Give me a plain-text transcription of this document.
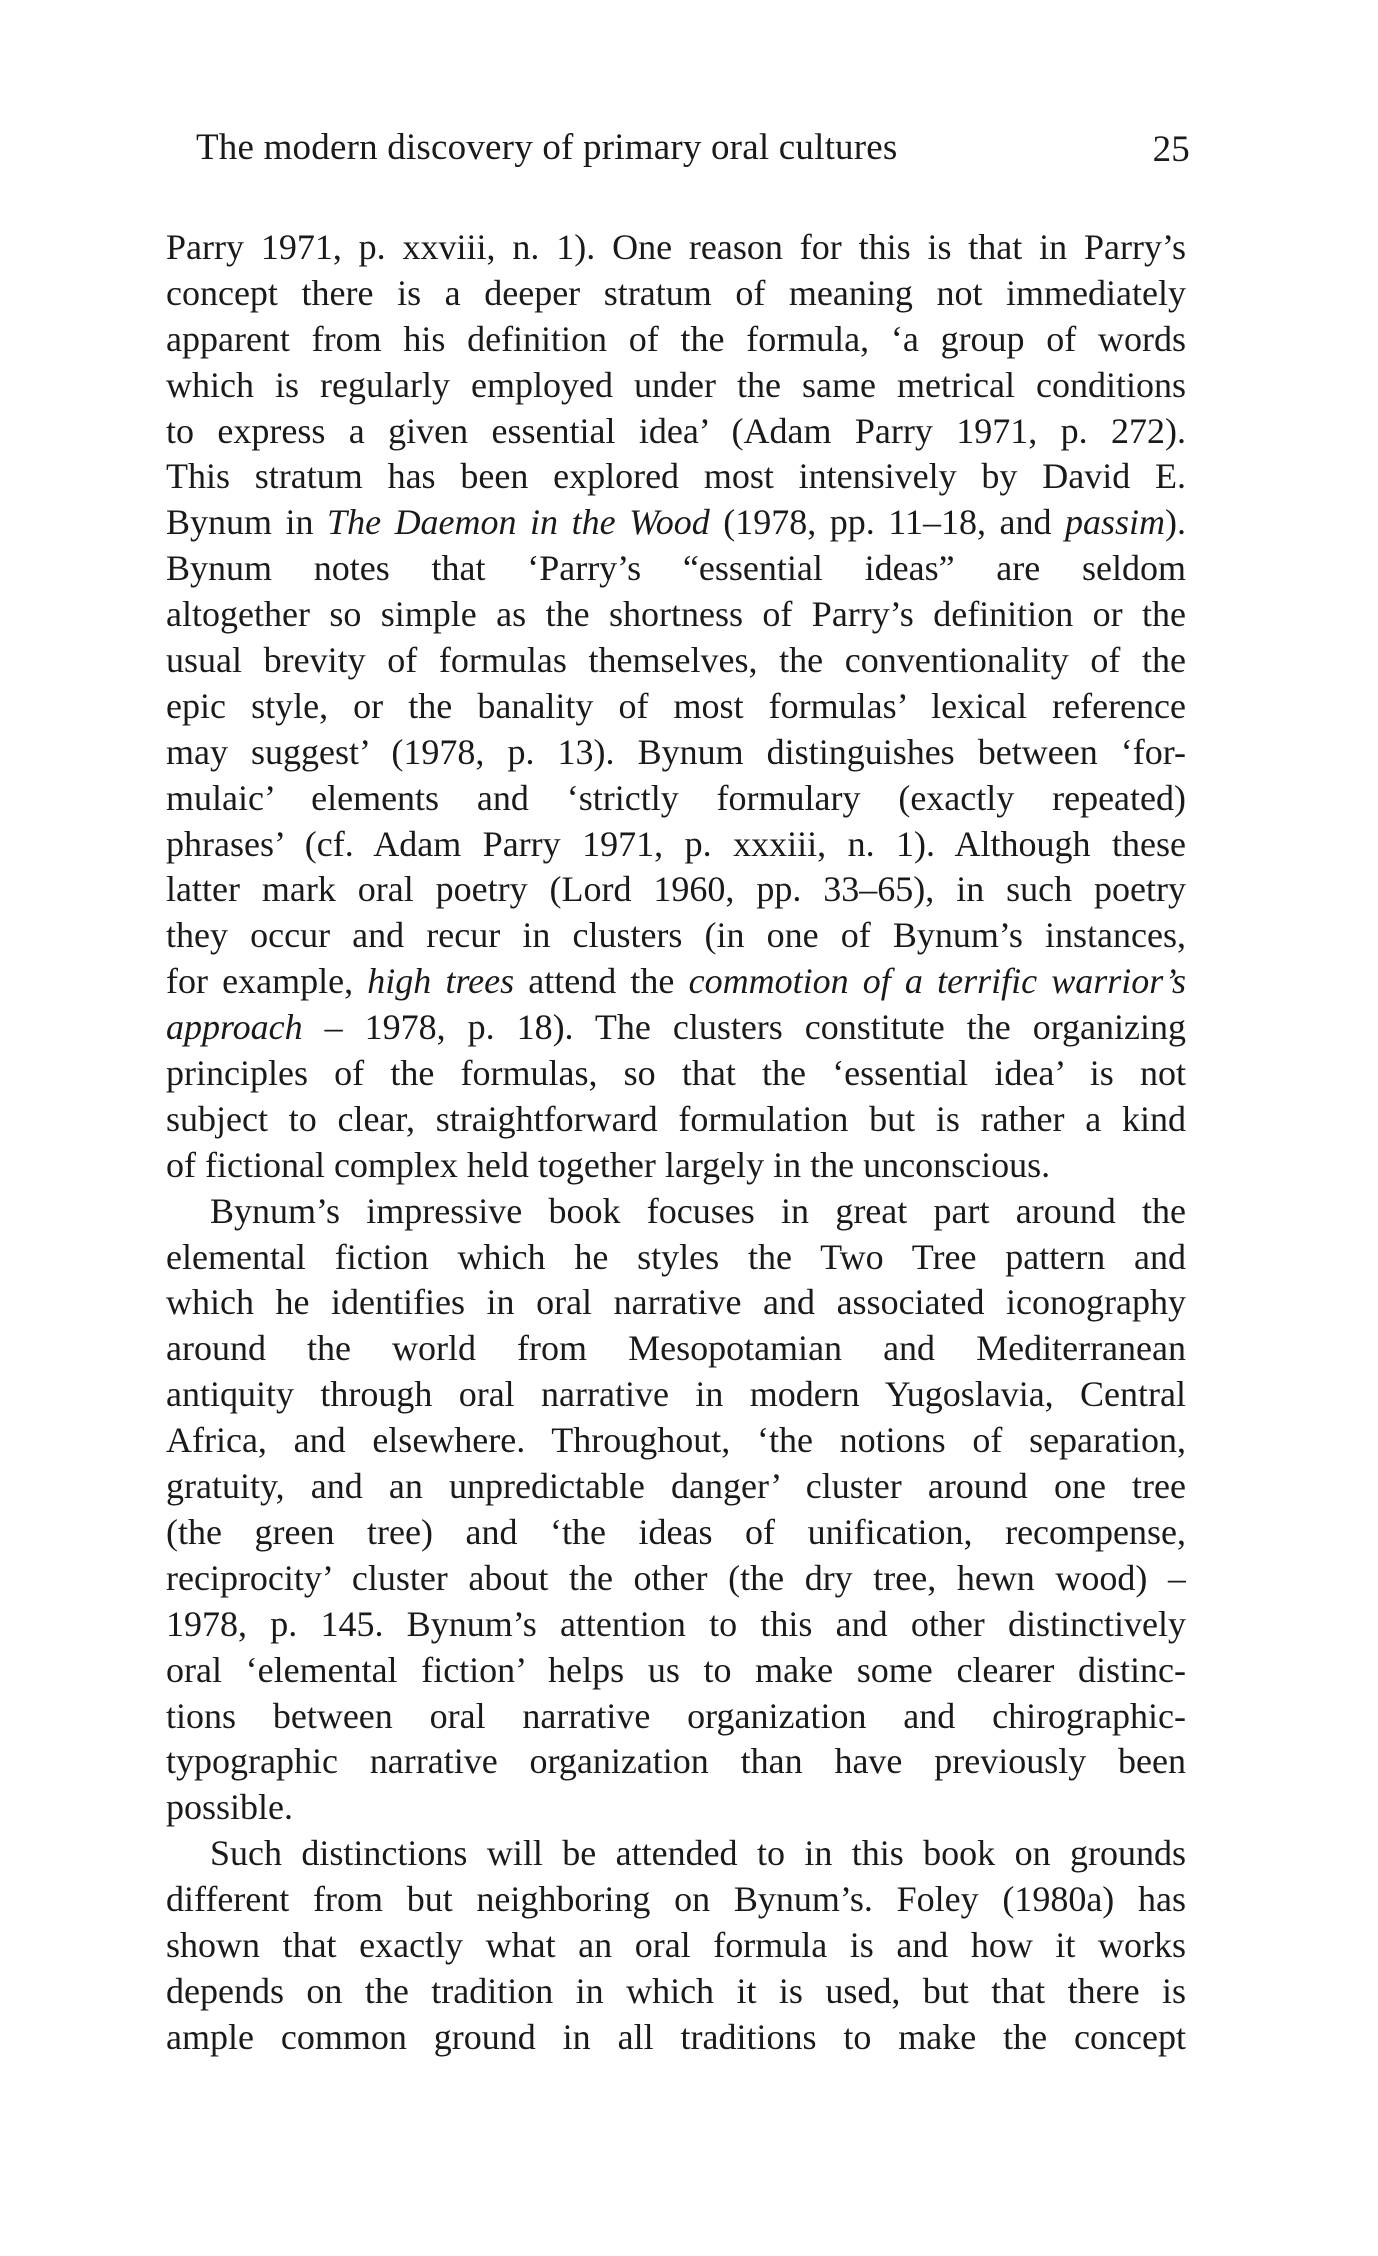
The modern discovery of primary oral cultures	25
Parry 1971, p. xxviii, n. 1). One reason for this is that in Parry’s
concept there is a deeper stratum of meaning not immediately
apparent from his definition of the formula, ‘a group of words
which is regularly employed under the same metrical conditions
to express a given essential idea’ (Adam Parry 1971, p. 272).
This stratum has been explored most intensively by David E.
Bynum in The Daemon in the Wood (1978, pp. 11–18, and passim).
Bynum notes that ‘Parry’s “essential ideas” are seldom
altogether so simple as the shortness of Parry’s definition or the
usual brevity of formulas themselves, the conventionality of the
epic style, or the banality of most formulas’ lexical reference
may suggest’ (1978, p. 13). Bynum distinguishes between ‘for-
mulaic’ elements and ‘strictly formulary (exactly repeated)
phrases’ (cf. Adam Parry 1971, p. xxxiii, n. 1). Although these
latter mark oral poetry (Lord 1960, pp. 33–65), in such poetry
they occur and recur in clusters (in one of Bynum’s instances,
for example, high trees attend the commotion of a terrific warrior’s
approach – 1978, p. 18). The clusters constitute the organizing
principles of the formulas, so that the ‘essential idea’ is not
subject to clear, straightforward formulation but is rather a kind
of fictional complex held together largely in the unconscious.
Bynum’s impressive book focuses in great part around the
elemental fiction which he styles the Two Tree pattern and
which he identifies in oral narrative and associated iconography
around the world from Mesopotamian and Mediterranean
antiquity through oral narrative in modern Yugoslavia, Central
Africa, and elsewhere. Throughout, ‘the notions of separation,
gratuity, and an unpredictable danger’ cluster around one tree
(the green tree) and ‘the ideas of unification, recompense,
reciprocity’ cluster about the other (the dry tree, hewn wood) –
1978, p. 145. Bynum’s attention to this and other distinctively
oral ‘elemental fiction’ helps us to make some clearer distinc-
tions between oral narrative organization and chirographic-
typographic narrative organization than have previously been
possible.
Such distinctions will be attended to in this book on grounds
different from but neighboring on Bynum’s. Foley (1980a) has
shown that exactly what an oral formula is and how it works
depends on the tradition in which it is used, but that there is
ample common ground in all traditions to make the concept
